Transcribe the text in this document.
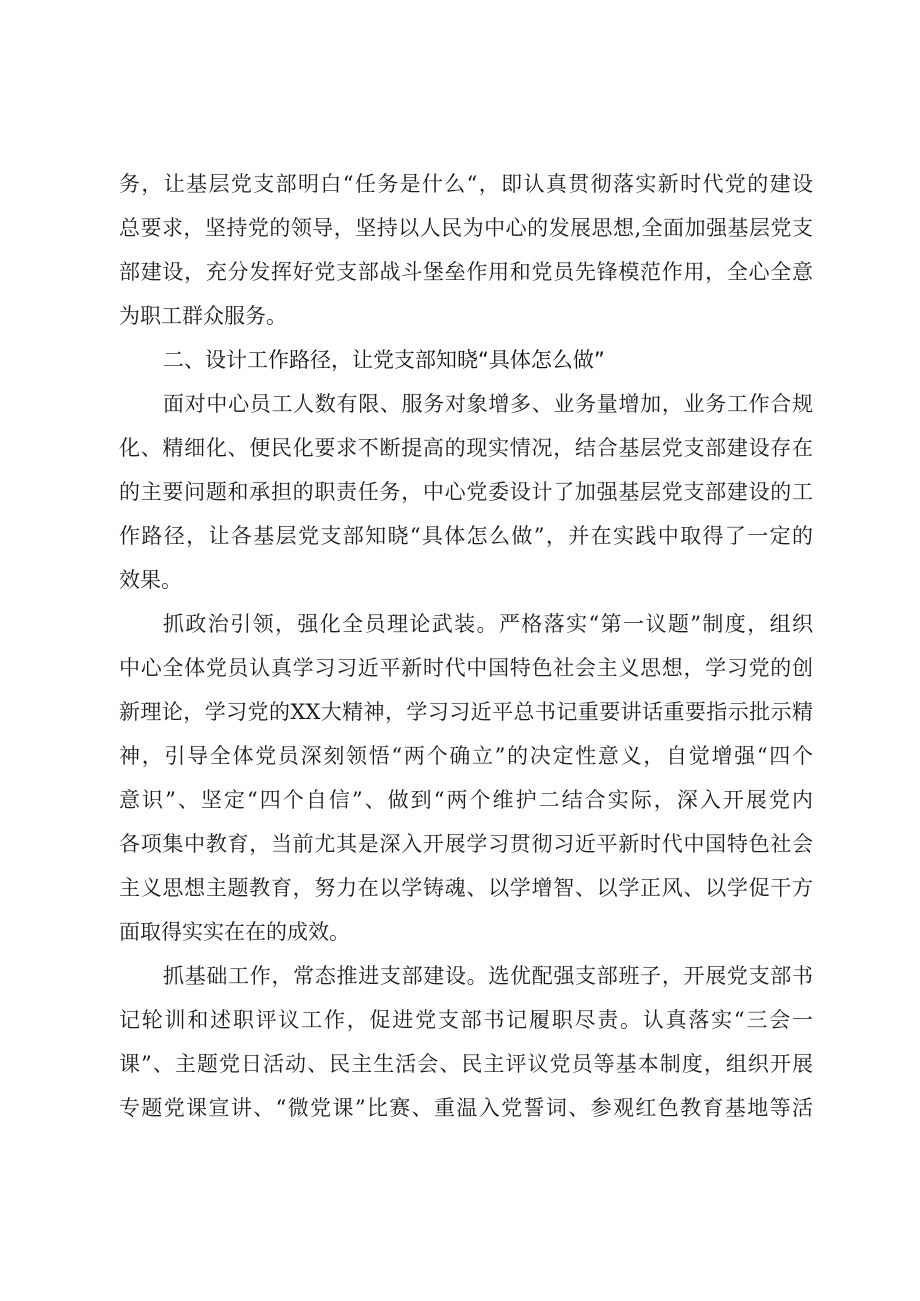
务，让基层党支部明白“任务是什么“，即认真贯彻落实新时代党的建设
总要求，坚持党的领导，坚持以人民为中心的发展思想,全面加强基层党支
部建设，充分发挥好党支部战斗堡垒作用和党员先锋模范作用，全心全意
为职工群众服务。
二、设计工作路径，让党支部知晓“具体怎么做”
面对中心员工人数有限、服务对象增多、业务量增加，业务工作合规
化、精细化、便民化要求不断提高的现实情况，结合基层党支部建设存在
的主要问题和承担的职责任务，中心党委设计了加强基层党支部建设的工
作路径，让各基层党支部知晓“具体怎么做”，并在实践中取得了一定的
效果。
抓政治引领，强化全员理论武装。严格落实“第一议题”制度，组织
中心全体党员认真学习习近平新时代中国特色社会主义思想，学习党的创
新理论，学习党的XX大精神，学习习近平总书记重要讲话重要指示批示精
神，引导全体党员深刻领悟“两个确立”的决定性意义，自觉增强“四个
意识”、坚定“四个自信”、做到“两个维护二结合实际，深入开展党内
各项集中教育，当前尤其是深入开展学习贯彻习近平新时代中国特色社会
主义思想主题教育，努力在以学铸魂、以学增智、以学正风、以学促干方
面取得实实在在的成效。
抓基础工作，常态推进支部建设。选优配强支部班子，开展党支部书
记轮训和述职评议工作，促进党支部书记履职尽责。认真落实“三会一
课”、主题党日活动、民主生活会、民主评议党员等基本制度，组织开展
专题党课宣讲、“微党课”比赛、重温入党誓词、参观红色教育基地等活
